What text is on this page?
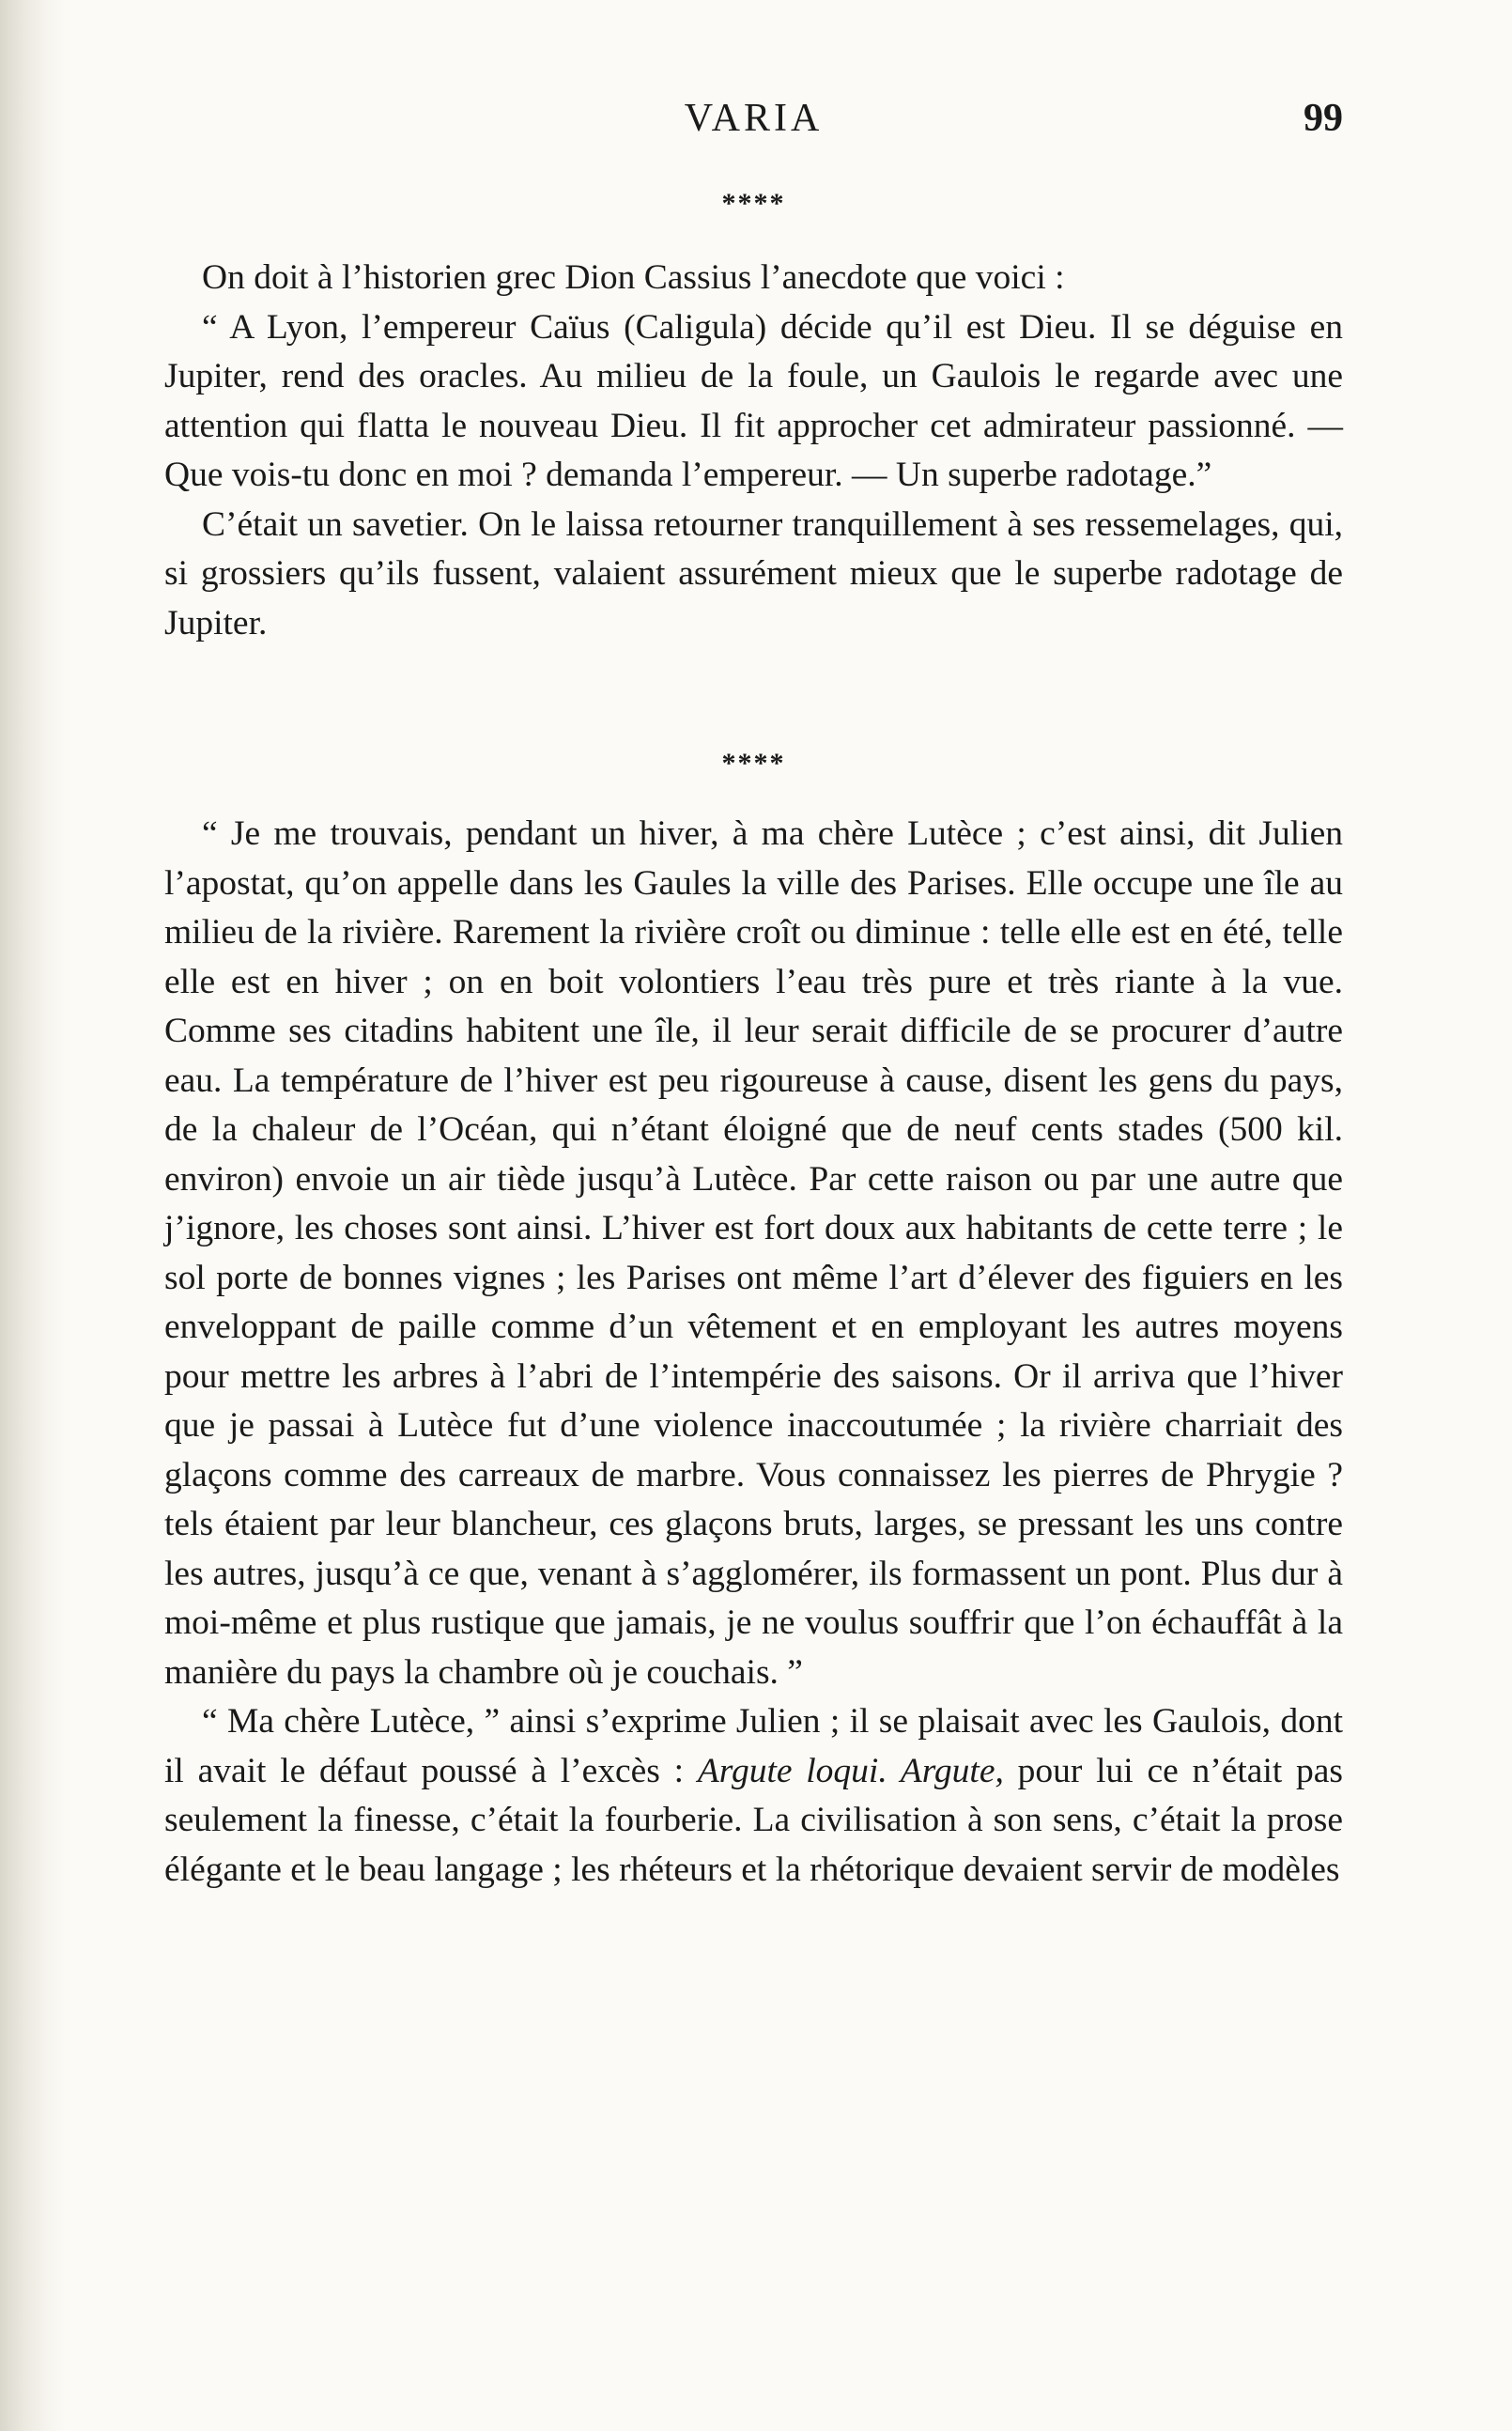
VARIA	99
****

On doit à l’historien grec Dion Cassius l’anecdote que voici :

“ A Lyon, l’empereur Caïus (Caligula) décide qu’il est Dieu. Il se déguise en Jupiter, rend des oracles. Au milieu de la foule, un Gaulois le regarde avec une attention qui flatta le nouveau Dieu. Il fit approcher cet admirateur passionné. — Que vois-tu donc en moi ? demanda l’empereur. — Un superbe radotage.”

C’était un savetier. On le laissa retourner tranquillement à ses ressemelages, qui, si grossiers qu’ils fussent, valaient assurément mieux que le superbe radotage de Jupiter.

****

“ Je me trouvais, pendant un hiver, à ma chère Lutèce ; c’est ainsi, dit Julien l’apostat, qu’on appelle dans les Gaules la ville des Parises. Elle occupe une île au milieu de la rivière. Rarement la rivière croît ou diminue : telle elle est en été, telle elle est en hiver ; on en boit volontiers l’eau très pure et très riante à la vue. Comme ses citadins habitent une île, il leur serait difficile de se procurer d’autre eau. La température de l’hiver est peu rigoureuse à cause, disent les gens du pays, de la chaleur de l’Océan, qui n’étant éloigné que de neuf cents stades (500 kil. environ) envoie un air tiède jusqu’à Lutèce. Par cette raison ou par une autre que j’ignore, les choses sont ainsi. L’hiver est fort doux aux habitants de cette terre ; le sol porte de bonnes vignes ; les Parises ont même l’art d’élever des figuiers en les enveloppant de paille comme d’un vêtement et en employant les autres moyens pour mettre les arbres à l’abri de l’intempérie des saisons. Or il arriva que l’hiver que je passai à Lutèce fut d’une violence inaccoutumée ; la rivière charriait des glaçons comme des carreaux de marbre. Vous connaissez les pierres de Phrygie ? tels étaient par leur blancheur, ces glaçons bruts, larges, se pressant les uns contre les autres, jusqu’à ce que, venant à s’agglomérer, ils formassent un pont. Plus dur à moi-même et plus rustique que jamais, je ne voulus souffrir que l’on échauffât à la manière du pays la chambre où je couchais. ”

“ Ma chère Lutèce, ” ainsi s’exprime Julien ; il se plaisait avec les Gaulois, dont il avait le défaut poussé à l’excès : Argute loqui. Argute, pour lui ce n’était pas seulement la finesse, c’était la fourberie. La civilisation à son sens, c’était la prose élégante et le beau langage ; les rhéteurs et la rhétorique devaient servir de modèles
